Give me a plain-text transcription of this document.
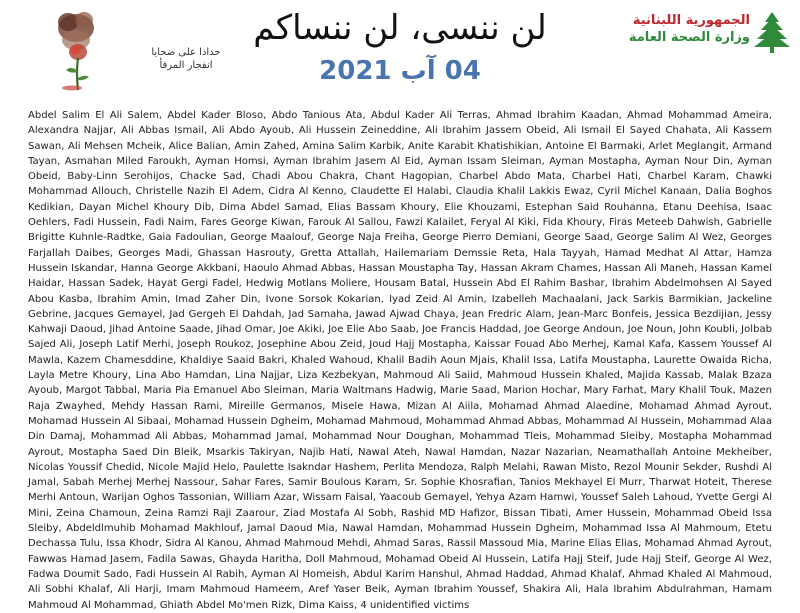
حدادا على ضحايا
انفجار المرفأ
لن ننسى، لن ننساكم
04 آب 2021
الجمهورية اللبنانية
وزارة الصحة العامة
Abdel Salim El Ali Salem, Abdel Kader Bloso, Abdo Tanious Ata, Abdul Kader Ali Terras, Ahmad Ibrahim Kaadan, Ahmad Mohammad Ameira, Alexandra Najjar, Ali Abbas Ismail, Ali Abdo Ayoub, Ali Hussein Zeineddine, Ali Ibrahim Jassem Obeid, Ali Ismail El Sayed Chahata, Ali Kassem Sawan, Ali Mehsen Mcheik, Alice Balian, Amin Zahed, Amina Salim Karbik, Anite Karabit Khatishikian, Antoine El Barmaki, Arlet Meglangit, Armand Tayan, Asmahan Miled Faroukh, Ayman Homsi, Ayman Ibrahim Jasem Al Eid, Ayman Issam Sleiman, Ayman Mostapha, Ayman Nour Din, Ayman Obeid, Baby-Linn Serohijos, Chacke Sad, Chadi Abou Chakra, Chant Hagopian, Charbel Abdo Mata, Charbel Hati, Charbel Karam, Chawki Mohammad Allouch, Christelle Nazih El Adem, Cidra Al Kenno, Claudette El Halabi, Claudia Khalil Lakkis Ewaz, Cyril Michel Kanaan, Dalia Boghos Kedikian, Dayan Michel Khoury Dib, Dima Abdel Samad, Elias Bassam Khoury, Elie Khouzami, Estephan Said Rouhanna, Etanu Deehisa, Isaac Oehlers, Fadi Hussein, Fadi Naim, Fares George Kiwan, Farouk Al Sallou, Fawzi Kalailet, Feryal Al Kiki, Fida Khoury, Firas Meteeb Dahwish, Gabrielle Brigitte Kuhnle-Radtke, Gaia Fadoulian, George Maalouf, George Naja Freiha, George Pierro Demiani, George Saad, George Salim Al Wez, Georges Farjallah Daibes, Georges Madi, Ghassan Hasrouty, Gretta Attallah, Hailemariam Demssie Reta, Hala Tayyah, Hamad Medhat Al Attar, Hamza Hussein Iskandar, Hanna George Akkbani, Haoulo Ahmad Abbas, Hassan Moustapha Tay, Hassan Akram Chames, Hassan Ali Maneh, Hassan Kamel Haidar, Hassan Sadek, Hayat Gergi Fadel, Hedwig Motlans Moliere, Housam Batal, Hussein Abd El Rahim Bashar, Ibrahim Abdelmohsen Al Sayed Abou Kasba, Ibrahim Amin, Imad Zaher Din, Ivone Sorsok Kokarian, Iyad Zeid Al Amin, Izabelleh Machaalani, Jack Sarkis Barmikian, Jackeline Gebrine, Jacques Gemayel, Jad Gergeh El Dahdah, Jad Samaha, Jawad Ajwad Chaya, Jean Fredric Alam, Jean-Marc Bonfeis, Jessica Bezdijian, Jessy Kahwaji Daoud, Jihad Antoine Saade, Jihad Omar, Joe Akiki, Joe Elie Abo Saab, Joe Francis Haddad, Joe George Andoun, Joe Noun, John Koubli, Jolbab Sajed Ali, Joseph Latif Merhi, Joseph Roukoz, Josephine Abou Zeid, Joud Hajj Mostapha, Kaissar Fouad Abo Merhej, Kamal Kafa, Kassem Youssef Al Mawla, Kazem Chamesddine, Khaldiye Saaid Bakri, Khaled Wahoud, Khalil Badih Aoun Mjais, Khalil Issa, Latifa Moustapha, Laurette Owaida Richa, Layla Metre Khoury, Lina Abo Hamdan, Lina Najjar, Liza Kezbekyan, Mahmoud Ali Saiid, Mahmoud Hussein Khaled, Majida Kassab, Malak Bzaza Ayoub, Margot Tabbal, Maria Pia Emanuel Abo Sleiman, Maria Waltmans Hadwig, Marie Saad, Marion Hochar, Mary Farhat, Mary Khalil Touk, Mazen Raja Zwayhed, Mehdy Hassan Rami, Mireille Germanos, Misele Hawa, Mizan Al Aiila, Mohamad Ahmad Alaedine, Mohamad Ahmad Ayrout, Mohamad Hussein Al Sibaai, Mohamad Hussein Dgheim, Mohamad Mahmoud, Mohammad Ahmad Abbas, Mohammad Al Hussein, Mohammad Alaa Din Damaj, Mohammad Ali Abbas, Mohammad Jamal, Mohammad Nour Doughan, Mohammad Tleis, Mohammad Sleiby, Mostapha Mohammad Ayrout, Mostapha Saed Din Bleik, Msarkis Takiryan, Najib Hati, Nawal Ateh, Nawal Hamdan, Nazar Nazarian, Neamathallah Antoine Mekheiber, Nicolas Youssif Chedid, Nicole Majid Helo, Paulette Isakndar Hashem, Perlita Mendoza, Ralph Melahi, Rawan Misto, Rezol Mounir Sekder, Rushdi Al Jamal, Sabah Merhej Merhej Nassour, Sahar Fares, Samir Boulous Karam, Sr. Sophie Khosrafian, Tanios Mekhayel El Murr, Tharwat Hoteit, Therese Merhi Antoun, Warijan Oghos Tassonian, William Azar, Wissam Faisal, Yaacoub Gemayel, Yehya Azam Hamwi, Youssef Saleh Lahoud, Yvette Gergi Al Mini, Zeina Chamoun, Zeina Ramzi Raji Zaarour, Ziad Mostafa Al Sobh, Rashid MD Hafizor, Bissan Tibati, Amer Hussein, Mohammad Obeid Issa Sleiby, Abdeldlmuhib Mohamad Makhlouf, Jamal Daoud Mia, Nawal Hamdan, Mohammad Hussein Dgheim, Mohammad Issa Al Mahmoum, Etetu Dechassa Tulu, Issa Khodr, Sidra Al Kanou, Ahmad Mahmoud Mehdi, Ahmad Saras, Rassil Massoud Mia, Marine Elias Elias, Mohamad Ahmad Ayrout, Fawwas Hamad Jasem, Fadila Sawas, Ghayda Haritha, Doll Mahmoud, Mohamad Obeid Al Hussein, Latifa Hajj Steif, Jude Hajj Steif, George Al Wez, Fadwa Doumit Sado, Fadi Hussein Al Rabih, Ayman Al Homeish, Abdul Karim Hanshul, Ahmad Haddad, Ahmad Khalaf, Ahmad Khaled Al Mahmoud, Ali Sobhi Khalaf, Ali Harji, Imam Mahmoud Hameem, Aref Yaser Beik, Ayman Ibrahim Youssef, Shakira Ali, Hala Ibrahim Abdulrahman, Hamam Mahmoud Al Mohammad, Ghiath Abdel Mo'men Rizk, Dima Kaiss, 4 unidentified victims
